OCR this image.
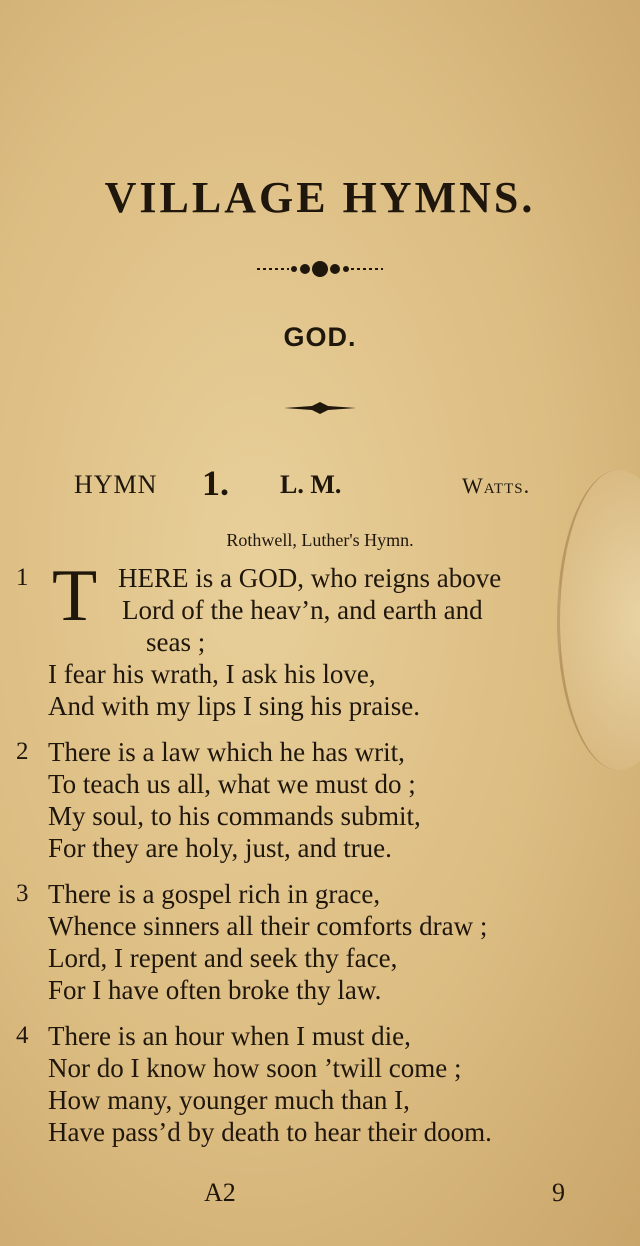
VILLAGE HYMNS.
GOD.
HYMN 1. L. M.	Watts.
Rothwell, Luther's Hymn.
1 T HERE is a GOD, who reigns above
Lord of the heav’n, and earth and
seas ;
I fear his wrath, I ask his love,
And with my lips I sing his praise.
2 There is a law which he has writ,
To teach us all, what we must do ;
My soul, to his commands submit,
For they are holy, just, and true.
3 There is a gospel rich in grace,
Whence sinners all their comforts draw ;
Lord, I repent and seek thy face,
For I have often broke thy law.
4 There is an hour when I must die,
Nor do I know how soon ’twill come ;
How many, younger much than I,
Have pass’d by death to hear their doom.
A2	9
